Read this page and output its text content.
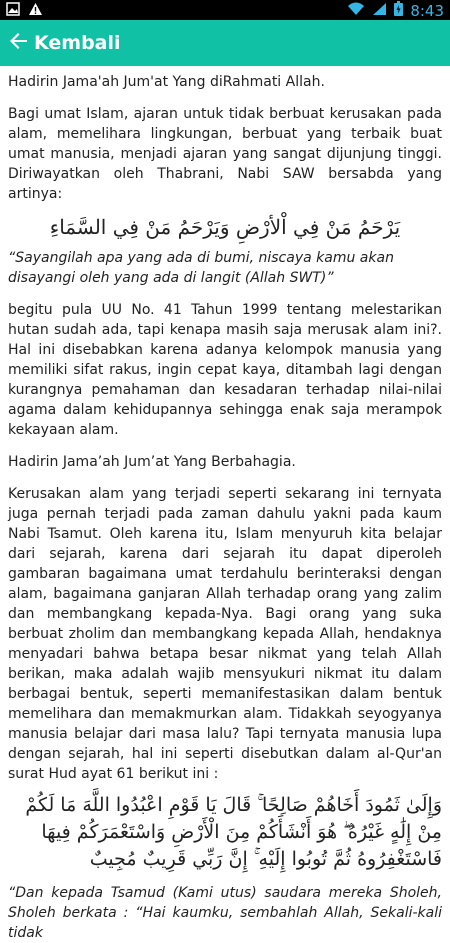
8:43
Kembali

Hadirin Jama'ah Jum'at Yang diRahmati Allah.

Bagi umat Islam, ajaran untuk tidak berbuat kerusakan pada alam, memelihara lingkungan, berbuat yang terbaik buat umat manusia, menjadi ajaran yang sangat dijunjung tinggi. Diriwayatkan oleh Thabrani, Nabi SAW bersabda yang artinya:

يَرْحَمُ مَنْ فِي اْلأرْضِ وَيَرْحَمُ مَنْ فِي السَّمَاءِ

“Sayangilah apa yang ada di bumi, niscaya kamu akan disayangi oleh yang ada di langit (Allah SWT)”

begitu pula UU No. 41 Tahun 1999 tentang melestarikan hutan sudah ada, tapi kenapa masih saja merusak alam ini?. Hal ini disebabkan karena adanya kelompok manusia yang memiliki sifat rakus, ingin cepat kaya, ditambah lagi dengan kurangnya pemahaman dan kesadaran terhadap nilai-nilai agama dalam kehidupannya sehingga enak saja merampok kekayaan alam.

Hadirin Jama’ah Jum’at Yang Berbahagia.

Kerusakan alam yang terjadi seperti sekarang ini ternyata juga pernah terjadi pada zaman dahulu yakni pada kaum Nabi Tsamut. Oleh karena itu, Islam menyuruh kita belajar dari sejarah, karena dari sejarah itu dapat diperoleh gambaran bagaimana umat terdahulu berinteraksi dengan alam, bagaimana ganjaran Allah terhadap orang yang zalim dan membangkang kepada-Nya. Bagi orang yang suka berbuat zholim dan membangkang kepada Allah, hendaknya menyadari bahwa betapa besar nikmat yang telah Allah berikan, maka adalah wajib mensyukuri nikmat itu dalam berbagai bentuk, seperti memanifestasikan dalam bentuk memelihara dan memakmurkan alam. Tidakkah seyogyanya manusia belajar dari masa lalu? Tapi ternyata manusia lupa dengan sejarah, hal ini seperti disebutkan dalam al-Qur'an surat Hud ayat 61 berikut ini :

وَإِلَىٰ ثَمُودَ أَخَاهُمْ صَالِحًا ۚ قَالَ يَا قَوْمِ اعْبُدُوا اللَّهَ مَا لَكُمْ مِنْ إِلَٰهٍ غَيْرُهُ ۖ هُوَ أَنْشَأَكُمْ مِنَ الْأَرْضِ وَاسْتَعْمَرَكُمْ فِيهَا فَاسْتَغْفِرُوهُ ثُمَّ تُوبُوا إِلَيْهِ ۚ إِنَّ رَبِّي قَرِيبٌ مُجِيبٌ

“Dan kepada Tsamud (Kami utus) saudara mereka Sholeh, Sholeh berkata : “Hai kaumku, sembahlah Allah, Sekali-kali tidak
